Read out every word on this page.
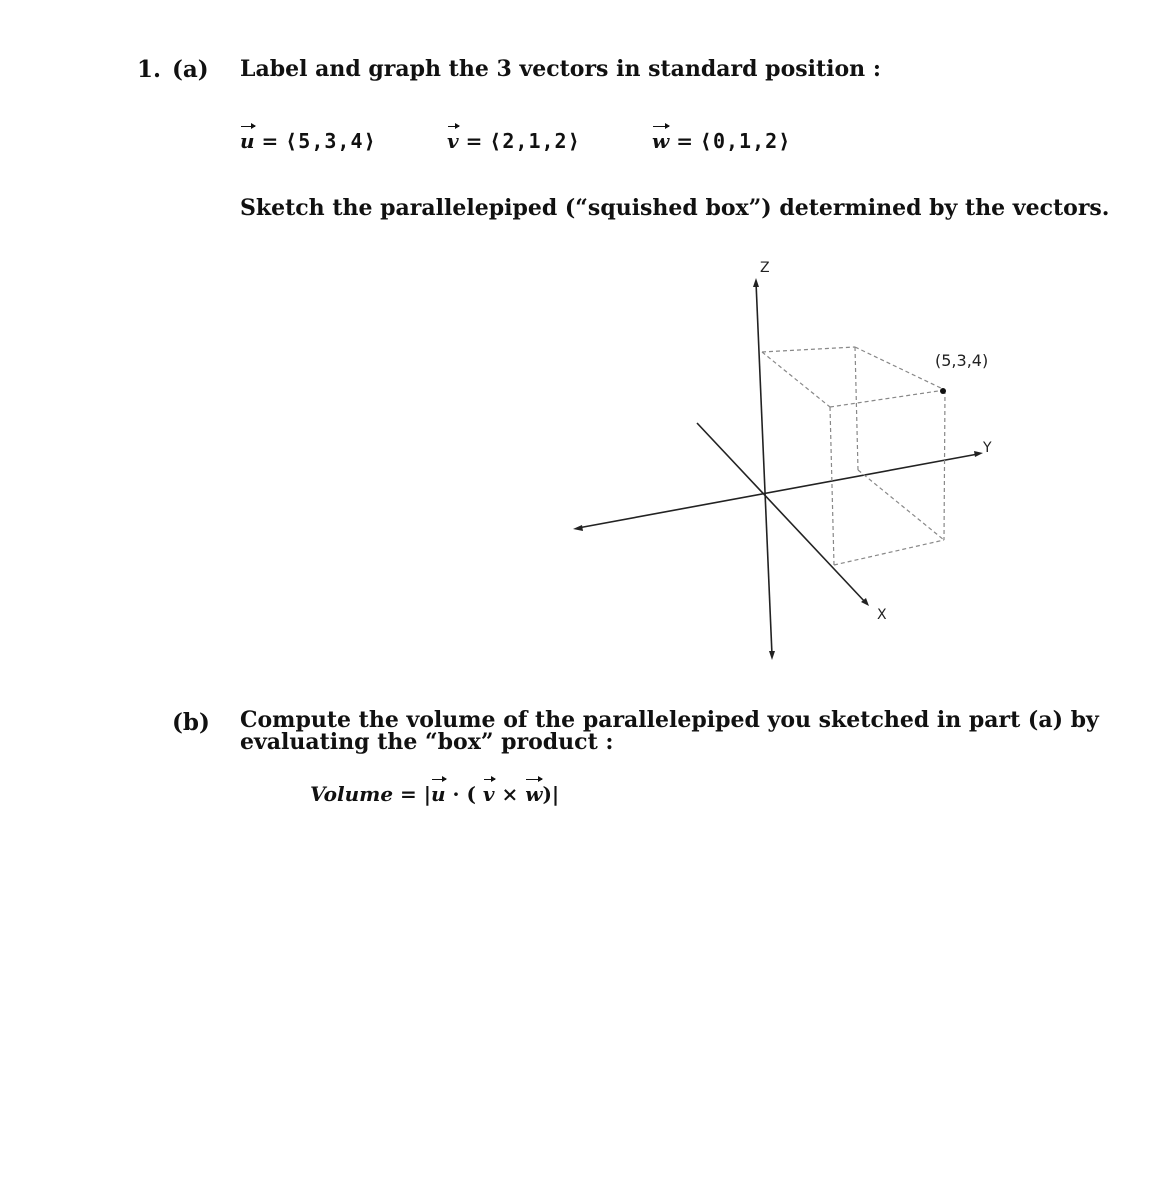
1. (a) Label and graph the 3 vectors in standard position :
u = ⟨5,3,4⟩	v = ⟨2,1,2⟩	w = ⟨0,1,2⟩
Sketch the parallelepiped (“squished box”) determined by the vectors.
Z
Y
X
(5,3,4)
(b) Compute the volume of the parallelepiped you sketched in part (a) by
evaluating the “box” product :
Volume = |u · ( v × w)|
